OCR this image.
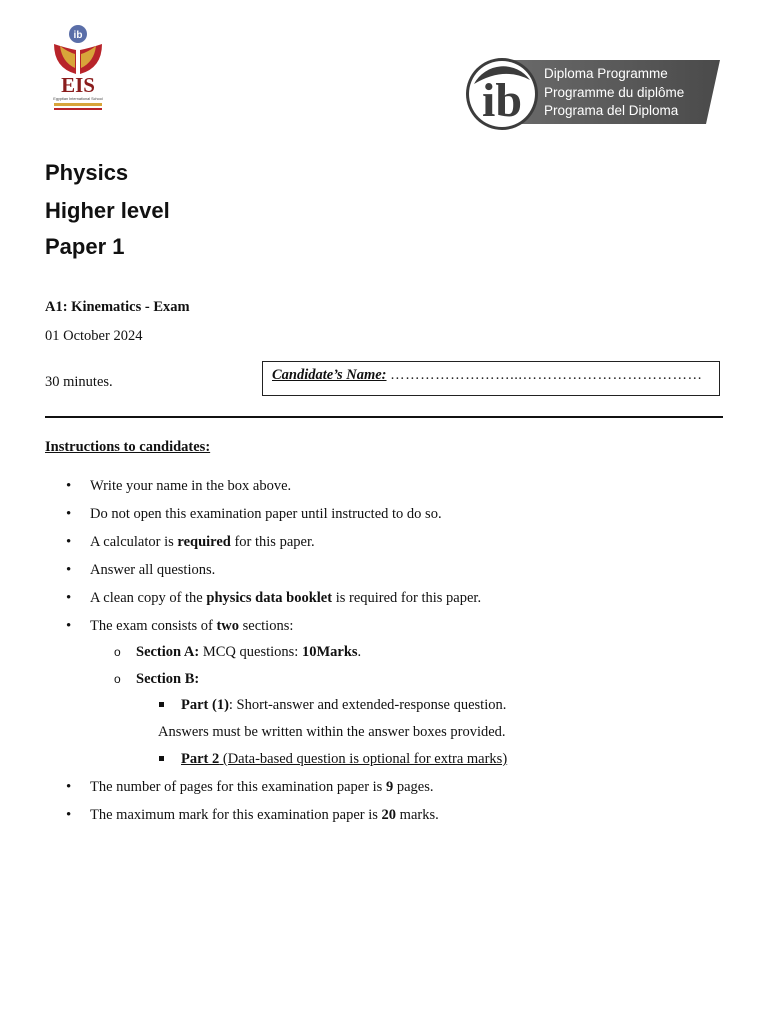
ib
EIS
Egyptian International School	ib
Diploma Programme
Programme du diplôme
Programa del Diploma
Physics
Higher level
Paper 1
A1: Kinematics - Exam
01 October 2024
30 minutes.	Candidate’s Name: ……………………...………………………………
Instructions to candidates:
• Write your name in the box above.
• Do not open this examination paper until instructed to do so.
• A calculator is required for this paper.
• Answer all questions.
• A clean copy of the physics data booklet is required for this paper.
• The exam consists of two sections:
o Section A: MCQ questions: 10Marks.
o Section B:
Part (1): Short-answer and extended-response question.
Answers must be written within the answer boxes provided.
Part 2 (Data-based question is optional for extra marks)
• The number of pages for this examination paper is 9 pages.
• The maximum mark for this examination paper is 20 marks.
